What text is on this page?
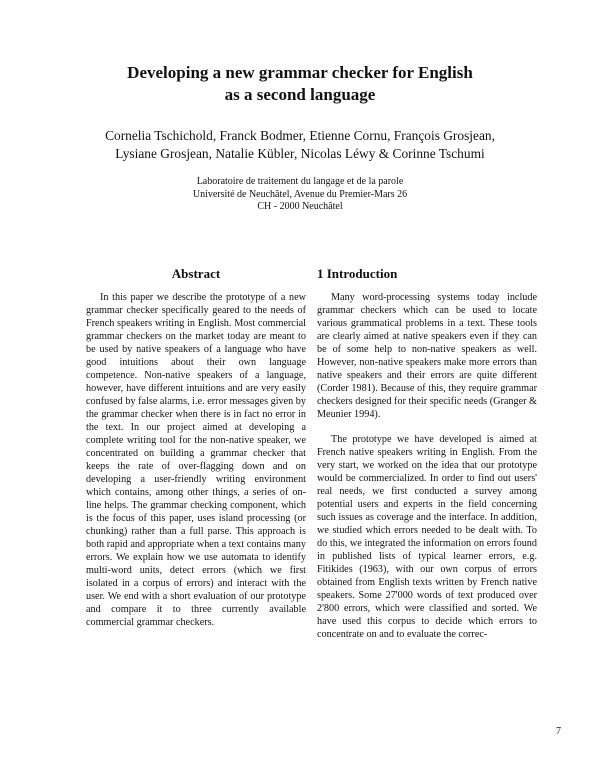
Developing a new grammar checker for English
as a second language
Cornelia Tschichold, Franck Bodmer, Etienne Cornu, François Grosjean,
Lysiane Grosjean, Natalie Kübler, Nicolas Léwy & Corinne Tschumi
Laboratoire de traitement du langage et de la parole
Université de Neuchâtel, Avenue du Premier-Mars 26
CH - 2000 Neuchâtel
Abstract

In this paper we describe the prototype of a new grammar checker specifically geared to the needs of French speakers writing in English. Most commercial grammar checkers on the market today are meant to be used by native speakers of a language who have good intuitions about their own language competence. Non-native speakers of a language, however, have different intuitions and are very easily confused by false alarms, i.e. error messages given by the grammar checker when there is in fact no error in the text. In our project aimed at developing a complete writing tool for the non-native speaker, we concentrated on building a grammar checker that keeps the rate of over-flagging down and on developing a user-friendly writing environment which contains, among other things, a series of on-line helps. The grammar checking component, which is the focus of this paper, uses island processing (or chunking) rather than a full parse. This approach is both rapid and appropriate when a text contains many errors. We explain how we use automata to identify multi-word units, detect errors (which we first isolated in a corpus of errors) and interact with the user. We end with a short evaluation of our prototype and compare it to three currently available commercial grammar checkers.

1 Introduction

Many word-processing systems today include grammar checkers which can be used to locate various grammatical problems in a text. These tools are clearly aimed at native speakers even if they can be of some help to non-native speakers as well. However, non-native speakers make more errors than native speakers and their errors are quite different (Corder 1981). Because of this, they require grammar checkers designed for their specific needs (Granger & Meunier 1994).

The prototype we have developed is aimed at French native speakers writing in English. From the very start, we worked on the idea that our prototype would be commercialized. In order to find out users' real needs, we first conducted a survey among potential users and experts in the field concerning such issues as coverage and the interface. In addition, we studied which errors needed to be dealt with. To do this, we integrated the information on errors found in published lists of typical learner errors, e.g. Fitikides (1963), with our own corpus of errors obtained from English texts written by French native speakers. Some 27'000 words of text produced over 2'800 errors, which were classified and sorted. We have used this corpus to decide which errors to concentrate on and to evaluate the correc-

7
